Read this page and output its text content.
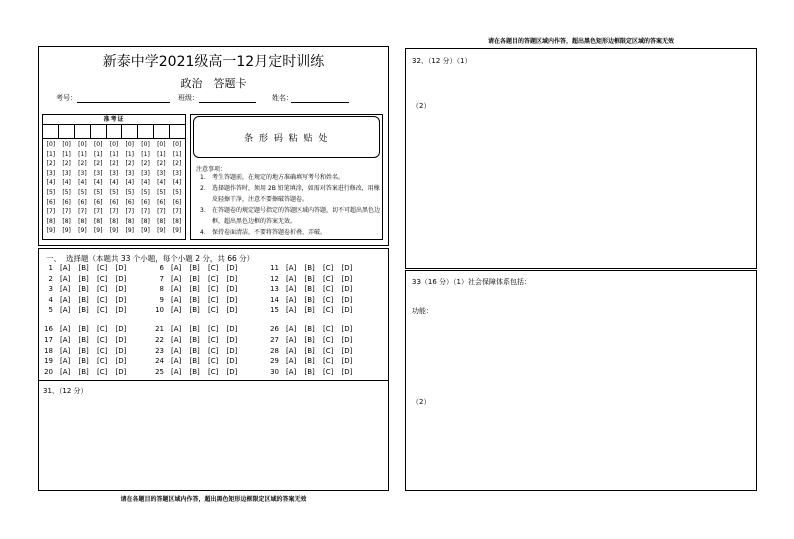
请在各题目的答题区域内作答，超出黑色矩形边框限定区域的答案无效
新泰中学2021级高一12月定时训练
政治 答题卡
考号：	班级：	姓名：
准考证
[0]	[0]	[0]	[0]	[0]	[0]	[0]	[0]	[0]
[1]	[1]	[1]	[1]	[1]	[1]	[1]	[1]	[1]
[2]	[2]	[2]	[2]	[2]	[2]	[2]	[2]	[2]
[3]	[3]	[3]	[3]	[3]	[3]	[3]	[3]	[3]
[4]	[4]	[4]	[4]	[4]	[4]	[4]	[4]	[4]
[5]	[5]	[5]	[5]	[5]	[5]	[5]	[5]	[5]
[6]	[6]	[6]	[6]	[6]	[6]	[6]	[6]	[6]
[7]	[7]	[7]	[7]	[7]	[7]	[7]	[7]	[7]
[8]	[8]	[8]	[8]	[8]	[8]	[8]	[8]	[8]
[9]	[9]	[9]	[9]	[9]	[9]	[9]	[9]	[9]
条 形 码 粘 贴 处
注意事项：
1． 考生答题前，在规定的地方准确填写考号和姓名。
2． 选择题作答时，须用 2B 铅笔填涂，如需对答案进行修改，用橡
皮轻擦干净，注意不要擦破答题卷。
3． 在答题卷的规定题号指定的答题区域内答题，切不可超出黑色边
框，超出黑色边框的答案无效。
4． 保持卷面清洁，不要将答题卷折叠，弄破。
一、 选择题（本题共 33 个小题，每个小题 2 分，共 66 分）
1 [A] [B] [C] [D]
2 [A] [B] [C] [D]
3 [A] [B] [C] [D]
4 [A] [B] [C] [D]
5 [A] [B] [C] [D]
6 [A] [B] [C] [D]
7 [A] [B] [C] [D]
8 [A] [B] [C] [D]
9 [A] [B] [C] [D]
10 [A] [B] [C] [D]
11 [A] [B] [C] [D]
12 [A] [B] [C] [D]
13 [A] [B] [C] [D]
14 [A] [B] [C] [D]
15 [A] [B] [C] [D]
16 [A] [B] [C] [D]
17 [A] [B] [C] [D]
18 [A] [B] [C] [D]
19 [A] [B] [C] [D]
20 [A] [B] [C] [D]
21 [A] [B] [C] [D]
22 [A] [B] [C] [D]
23 [A] [B] [C] [D]
24 [A] [B] [C] [D]
25 [A] [B] [C] [D]
26 [A] [B] [C] [D]
27 [A] [B] [C] [D]
28 [A] [B] [C] [D]
29 [A] [B] [C] [D]
30 [A] [B] [C] [D]
31、（12 分）
请在各题目的答题区域内作答，超出黑色矩形边框限定区域的答案无效
32、（12 分）（1）
（2）
33（16 分）（1）社会保障体系包括：
功能：
（2）
